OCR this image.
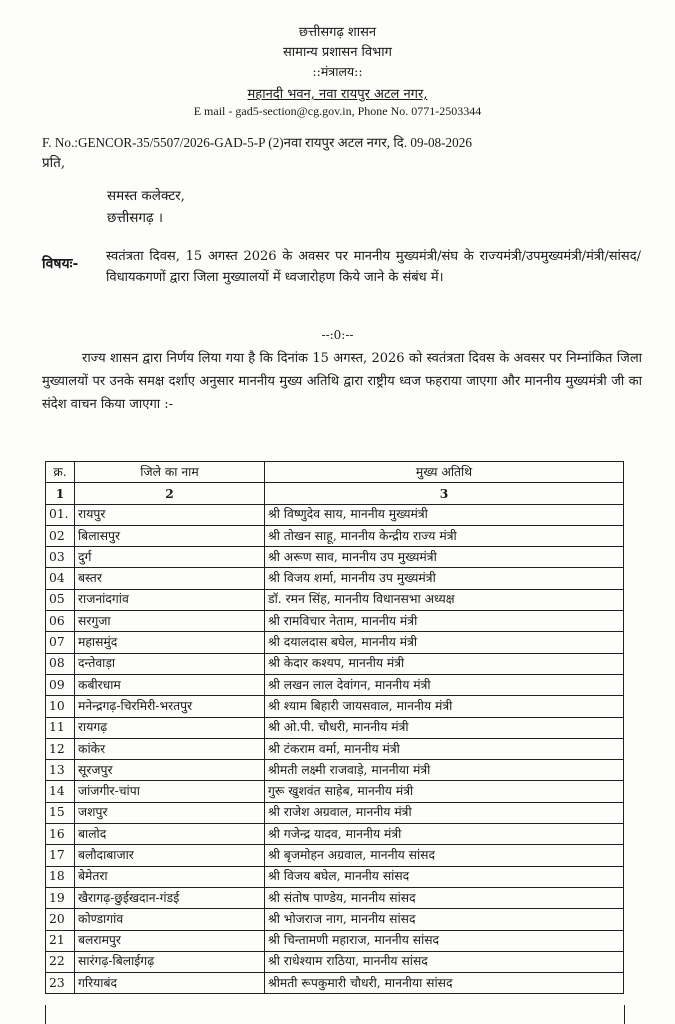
छत्तीसगढ़ शासन
सामान्य प्रशासन विभाग
::मंत्रालय::
महानदी भवन, नवा रायपुर अटल नगर,
E mail - gad5-section@cg.gov.in, Phone No. 0771-2503344
F. No.:GENCOR-35/5507/2026-GAD-5-P (2)नवा रायपुर अटल नगर, दि. 09-08-2026
प्रति,
समस्त कलेक्टर,
छत्तीसगढ़ ।
विषयः- स्वतंत्रता दिवस, 15 अगस्त 2026 के अवसर पर माननीय मुख्यमंत्री/संघ के राज्यमंत्री/उपमुख्यमंत्री/मंत्री/सांसद/विधायकगणों द्वारा जिला मुख्यालयों में ध्वजारोहण किये जाने के संबंध में।
--:0:--
राज्य शासन द्वारा निर्णय लिया गया है कि दिनांक 15 अगस्त, 2026 को स्वतंत्रता दिवस के अवसर पर निम्नांकित जिला मुख्यालयों पर उनके समक्ष दर्शाए अनुसार माननीय मुख्य अतिथि द्वारा राष्ट्रीय ध्वज फहराया जाएगा और माननीय मुख्यमंत्री जी का संदेश वाचन किया जाएगा :-
क्र.	जिले का नाम	मुख्य अतिथि
1	2	3
01.	रायपुर	श्री विष्णुदेव साय, माननीय मुख्यमंत्री
02	बिलासपुर	श्री तोखन साहू, माननीय केन्द्रीय राज्य मंत्री
03	दुर्ग	श्री अरूण साव, माननीय उप मुख्यमंत्री
04	बस्तर	श्री विजय शर्मा, माननीय उप मुख्यमंत्री
05	राजनांदगांव	डॉ. रमन सिंह, माननीय विधानसभा अध्यक्ष
06	सरगुजा	श्री रामविचार नेताम, माननीय मंत्री
07	महासमुंद	श्री दयालदास बघेल, माननीय मंत्री
08	दन्तेवाड़ा	श्री केदार कश्यप, माननीय मंत्री
09	कबीरधाम	श्री लखन लाल देवांगन, माननीय मंत्री
10	मनेन्द्रगढ़-चिरमिरी-भरतपुर	श्री श्याम बिहारी जायसवाल, माननीय मंत्री
11	रायगढ़	श्री ओ.पी. चौधरी, माननीय मंत्री
12	कांकेर	श्री टंकराम वर्मा, माननीय मंत्री
13	सूरजपुर	श्रीमती लक्ष्मी राजवाड़े, माननीया मंत्री
14	जांजगीर-चांपा	गुरू खुशवंत साहेब, माननीय मंत्री
15	जशपुर	श्री राजेश अग्रवाल, माननीय मंत्री
16	बालोद	श्री गजेन्द्र यादव, माननीय मंत्री
17	बलौदाबाजार	श्री बृजमोहन अग्रवाल, माननीय सांसद
18	बेमेतरा	श्री विजय बघेल, माननीय सांसद
19	खैरागढ़-छुईखदान-गंडई	श्री संतोष पाण्डेय, माननीय सांसद
20	कोण्डागांव	श्री भोजराज नाग, माननीय सांसद
21	बलरामपुर	श्री चिन्तामणी महाराज, माननीय सांसद
22	सारंगढ़-बिलाईगढ़	श्री राधेश्याम राठिया, माननीय सांसद
23	गरियाबंद	श्रीमती रूपकुमारी चौधरी, माननीया सांसद
